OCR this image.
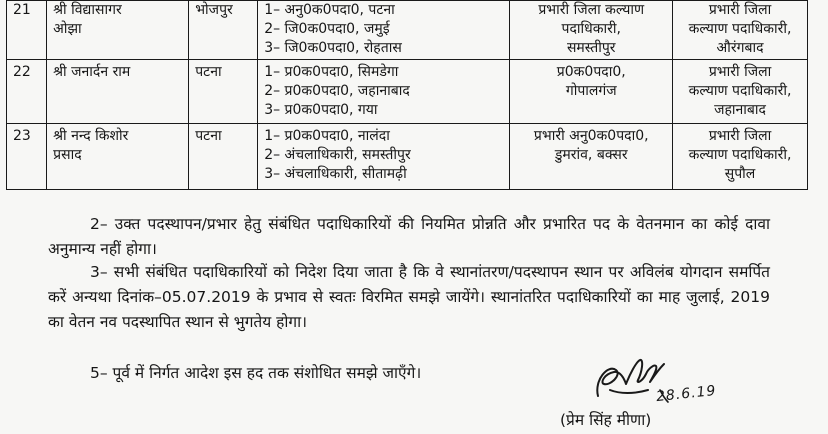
21	श्री विद्यासागर
ओझा	भोजपुर	1– अनु0क0पदा0, पटना
2– जि0क0पदा0, जमुई
3– जि0क0पदा0, रोहतास	प्रभारी जिला कल्याण
पदाधिकारी,
समस्तीपुर	प्रभारी जिला
कल्याण पदाधिकारी,
औरंगबाद

22	श्री जनार्दन राम	पटना	1– प्र0क0पदा0, सिमडेगा
2– प्र0क0पदा0, जहानाबाद
3– प्र0क0पदा0, गया	प्र0क0पदा0,
गोपालगंज	प्रभारी जिला
कल्याण पदाधिकारी,
जहानाबाद

23	श्री नन्द किशोर
प्रसाद	पटना	1– प्र0क0पदा0, नालंदा
2– अंचलाधिकारी, समस्तीपुर
3– अंचलाधिकारी, सीतामढ़ी	प्रभारी अनु0क0पदा0,
डुमरांव, बक्सर	प्रभारी जिला
कल्याण पदाधिकारी,
सुपौल

2– उक्त पदस्थापन/प्रभार हेतु संबंधित पदाधिकारियों की नियमित प्रोन्नति और प्रभारित पद के वेतनमान का कोई दावा अनुमान्य नहीं होगा।

3– सभी संबंधित पदाधिकारियों को निदेश दिया जाता है कि वे स्थानांतरण/पदस्थापन स्थान पर अविलंब योगदान समर्पित करें अन्यथा दिनांक–05.07.2019 के प्रभाव से स्वतः विरमित समझे जायेंगे। स्थानांतरित पदाधिकारियों का माह जुलाई, 2019 का वेतन नव पदस्थापित स्थान से भुगतेय होगा।

5– पूर्व में निर्गत आदेश इस हद तक संशोधित समझे जाएँगे।

28.6.19
(प्रेम सिंह मीणा)
